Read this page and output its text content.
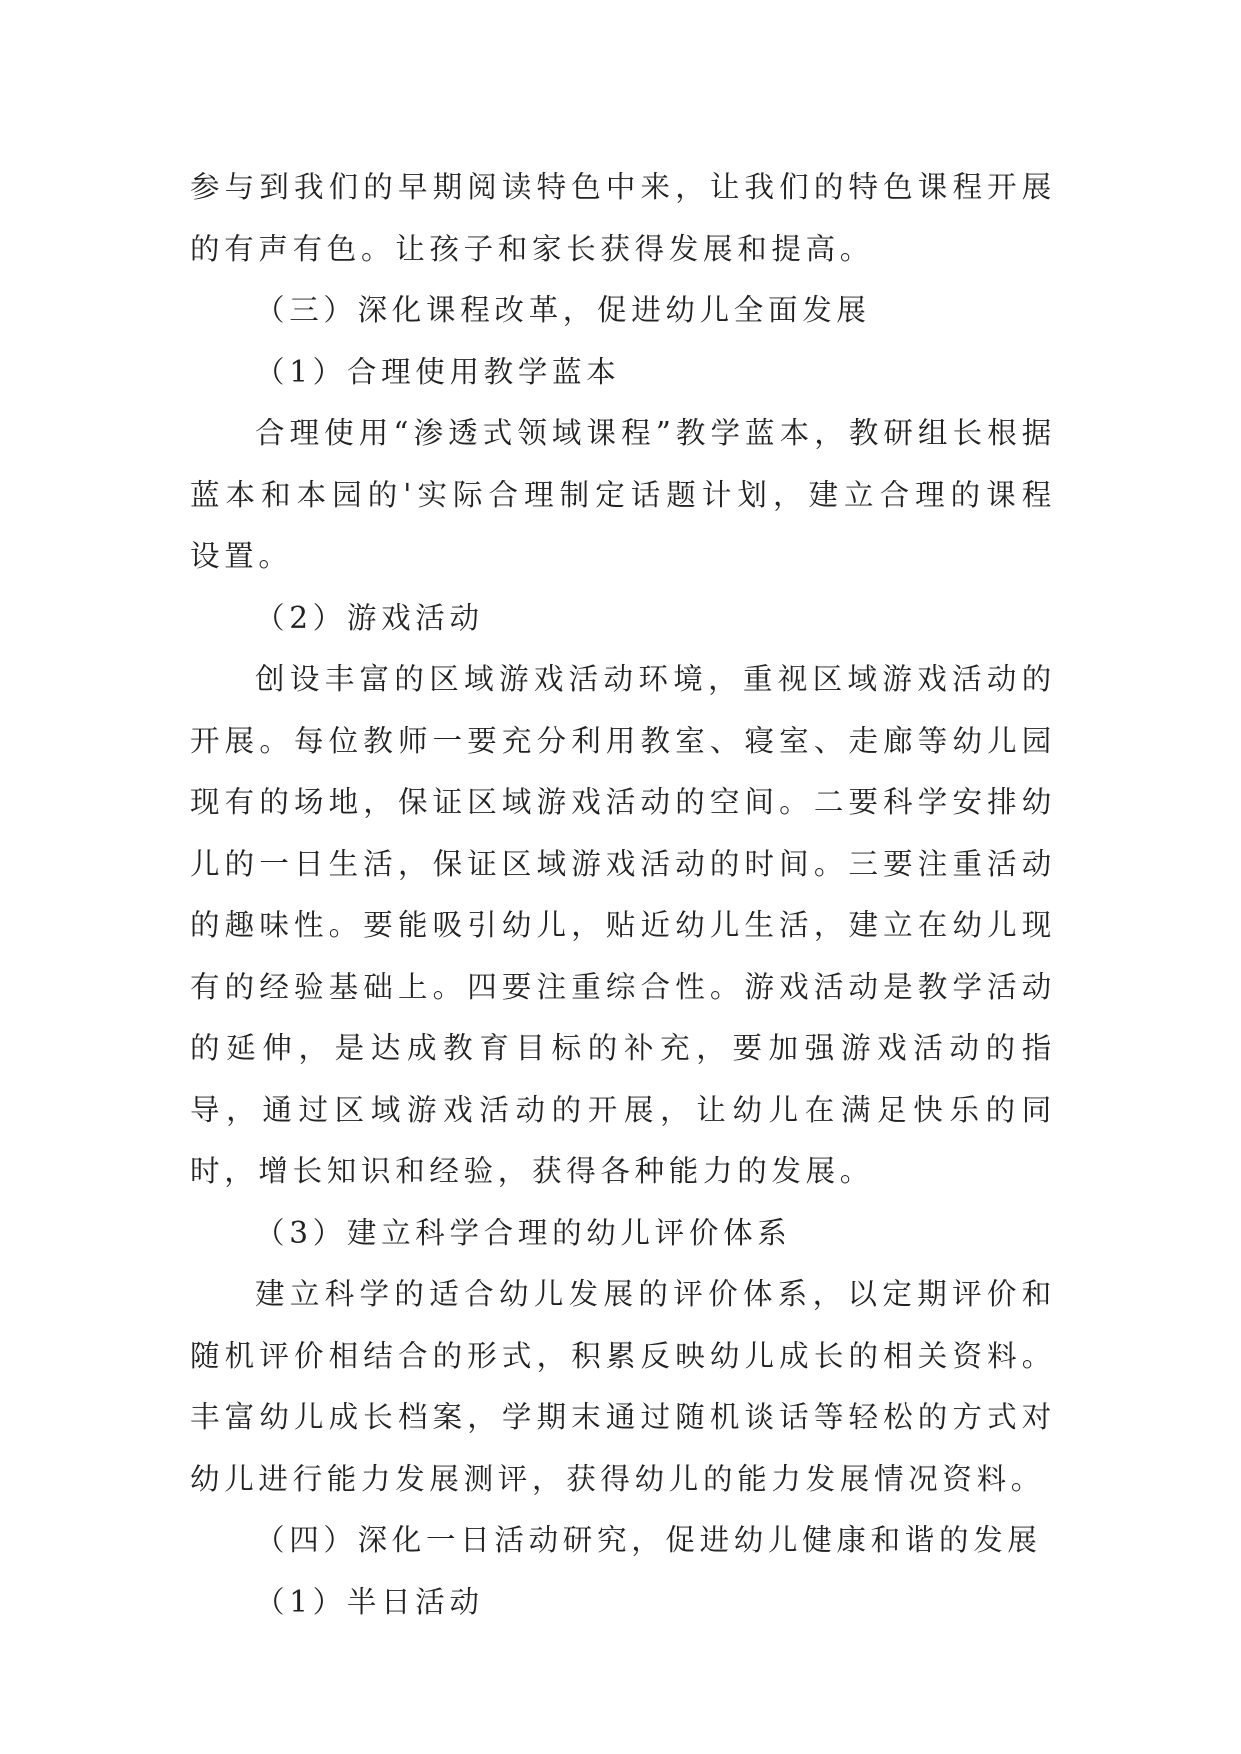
参与到我们的早期阅读特色中来，让我们的特色课程开展的有声有色。让孩子和家长获得发展和提高。

（三）深化课程改革，促进幼儿全面发展

（1）合理使用教学蓝本

合理使用“渗透式领域课程”教学蓝本，教研组长根据蓝本和本园的'实际合理制定话题计划，建立合理的课程设置。

（2）游戏活动

创设丰富的区域游戏活动环境，重视区域游戏活动的开展。每位教师一要充分利用教室、寝室、走廊等幼儿园现有的场地，保证区域游戏活动的空间。二要科学安排幼儿的一日生活，保证区域游戏活动的时间。三要注重活动的趣味性。要能吸引幼儿，贴近幼儿生活，建立在幼儿现有的经验基础上。四要注重综合性。游戏活动是教学活动的延伸，是达成教育目标的补充，要加强游戏活动的指导，通过区域游戏活动的开展，让幼儿在满足快乐的同时，增长知识和经验，获得各种能力的发展。

（3）建立科学合理的幼儿评价体系

建立科学的适合幼儿发展的评价体系，以定期评价和随机评价相结合的形式，积累反映幼儿成长的相关资料。丰富幼儿成长档案，学期末通过随机谈话等轻松的方式对幼儿进行能力发展测评，获得幼儿的能力发展情况资料。

（四）深化一日活动研究，促进幼儿健康和谐的发展

（1）半日活动
